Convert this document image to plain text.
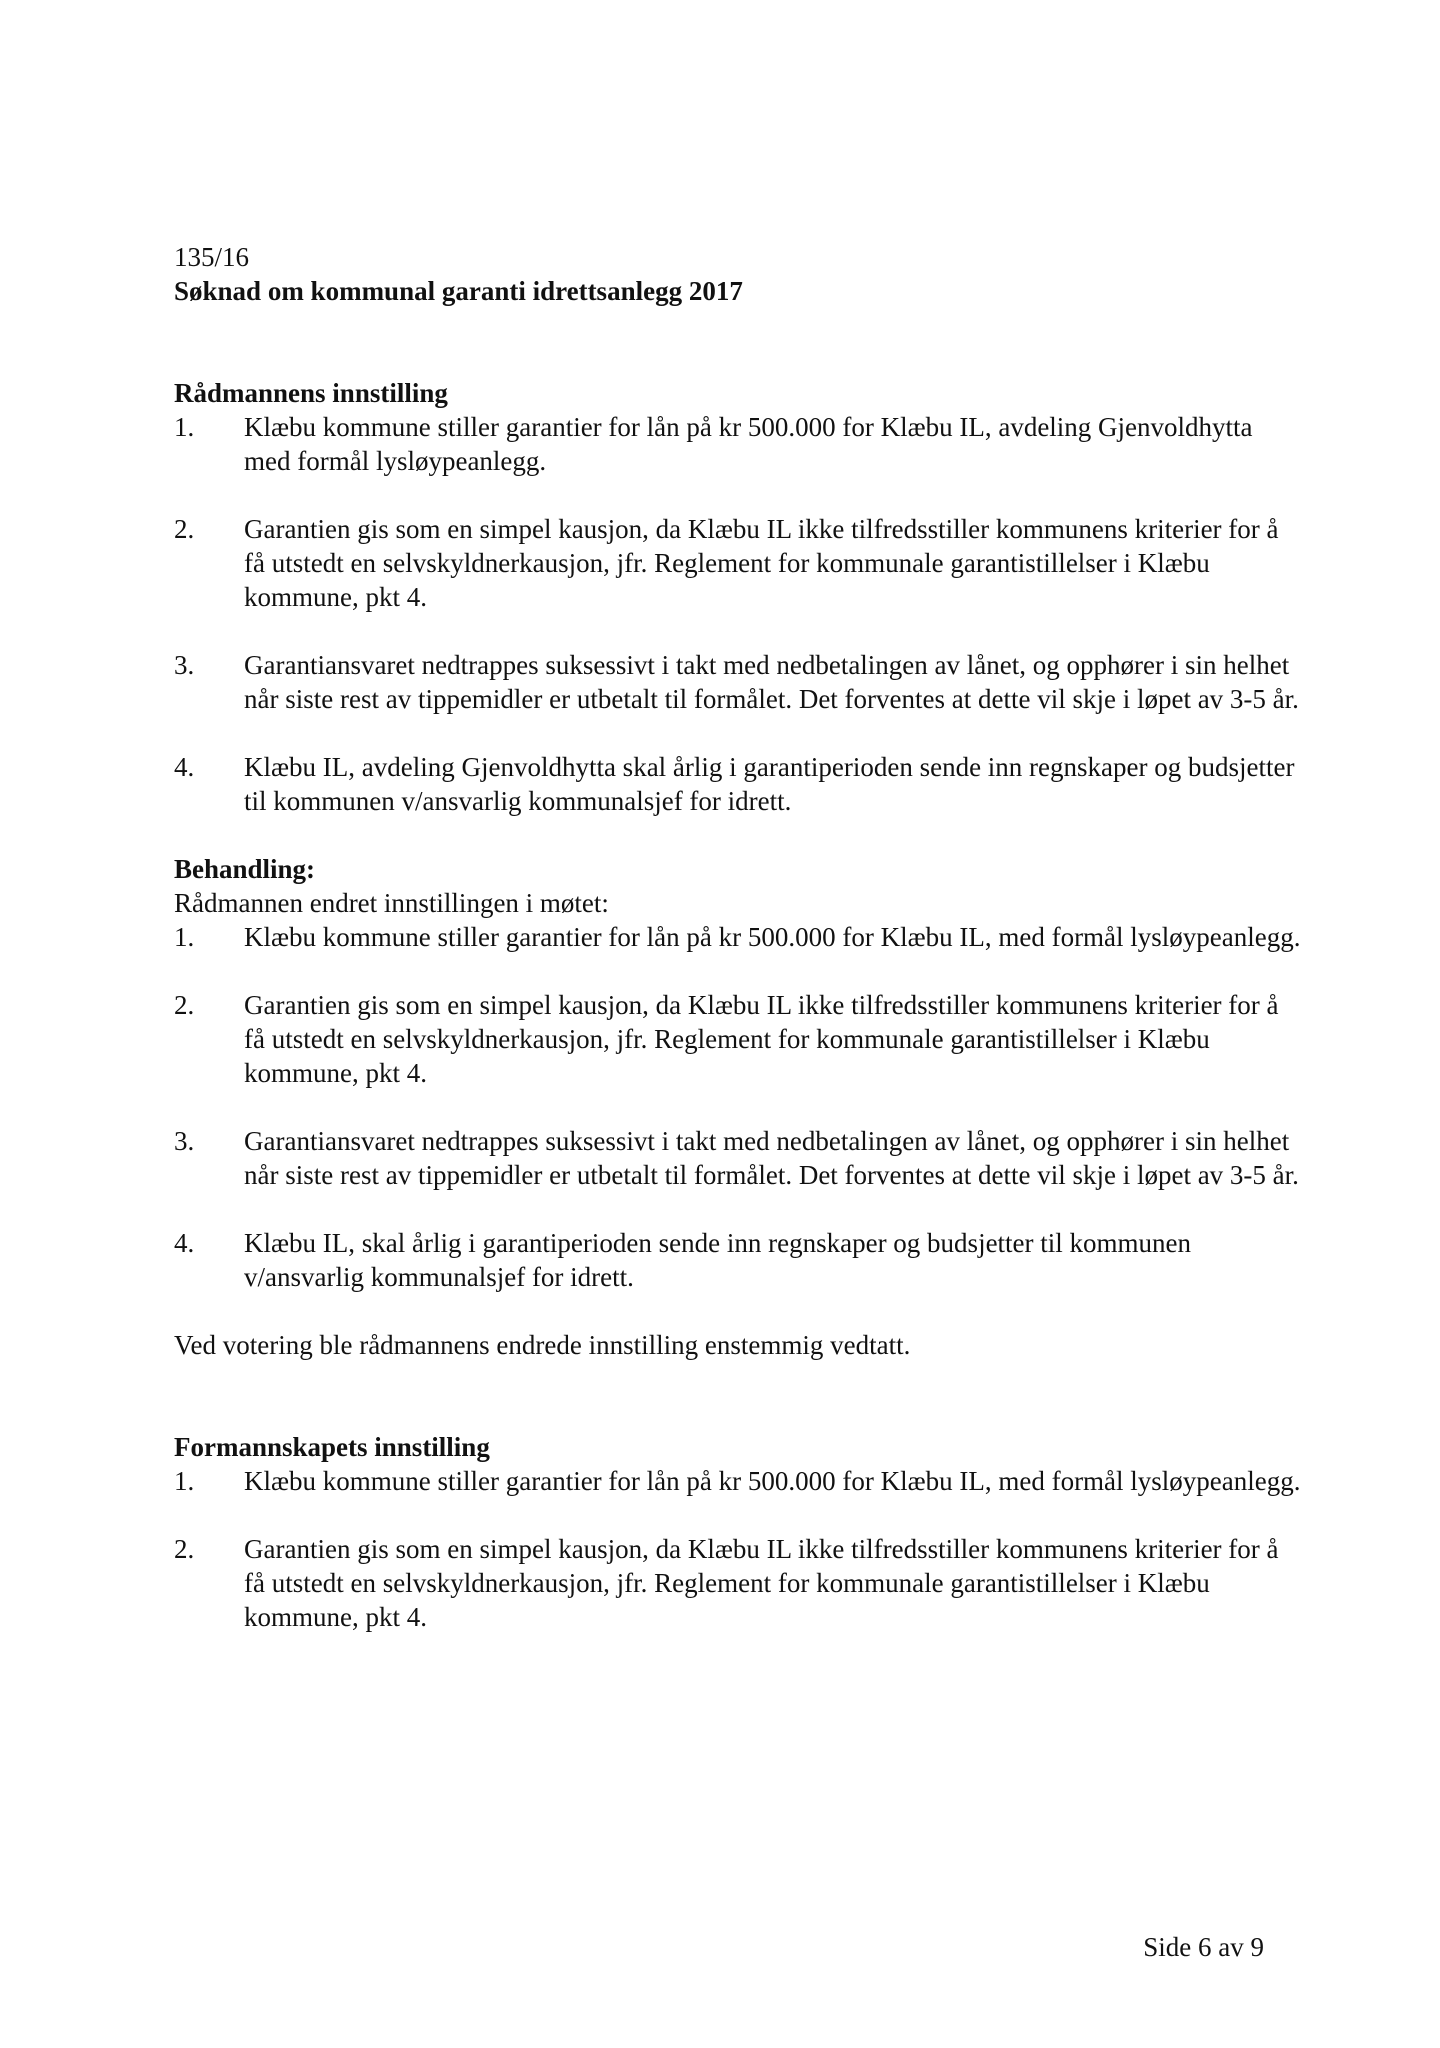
135/16

Søknad om kommunal garanti idrettsanlegg 2017

Rådmannens innstilling

1. Klæbu kommune stiller garantier for lån på kr 500.000 for Klæbu IL, avdeling Gjenvoldhytta med formål lysløypeanlegg.
2. Garantien gis som en simpel kausjon, da Klæbu IL ikke tilfredsstiller kommunens kriterier for å få utstedt en selvskyldnerkausjon, jfr. Reglement for kommunale garantistillelser i Klæbu kommune, pkt 4.
3. Garantiansvaret nedtrappes suksessivt i takt med nedbetalingen av lånet, og opphører i sin helhet når siste rest av tippemidler er utbetalt til formålet. Det forventes at dette vil skje i løpet av 3-5 år.
4. Klæbu IL, avdeling Gjenvoldhytta skal årlig i garantiperioden sende inn regnskaper og budsjetter til kommunen v/ansvarlig kommunalsjef for idrett.

Behandling:

Rådmannen endret innstillingen i møtet:

1. Klæbu kommune stiller garantier for lån på kr 500.000 for Klæbu IL, med formål lysløypeanlegg.
2. Garantien gis som en simpel kausjon, da Klæbu IL ikke tilfredsstiller kommunens kriterier for å få utstedt en selvskyldnerkausjon, jfr. Reglement for kommunale garantistillelser i Klæbu kommune, pkt 4.
3. Garantiansvaret nedtrappes suksessivt i takt med nedbetalingen av lånet, og opphører i sin helhet når siste rest av tippemidler er utbetalt til formålet. Det forventes at dette vil skje i løpet av 3-5 år.
4. Klæbu IL, skal årlig i garantiperioden sende inn regnskaper og budsjetter til kommunen v/ansvarlig kommunalsjef for idrett.

Ved votering ble rådmannens endrede innstilling enstemmig vedtatt.

Formannskapets innstilling

1. Klæbu kommune stiller garantier for lån på kr 500.000 for Klæbu IL, med formål lysløypeanlegg.
2. Garantien gis som en simpel kausjon, da Klæbu IL ikke tilfredsstiller kommunens kriterier for å få utstedt en selvskyldnerkausjon, jfr. Reglement for kommunale garantistillelser i Klæbu kommune, pkt 4.
Side 6 av 9
